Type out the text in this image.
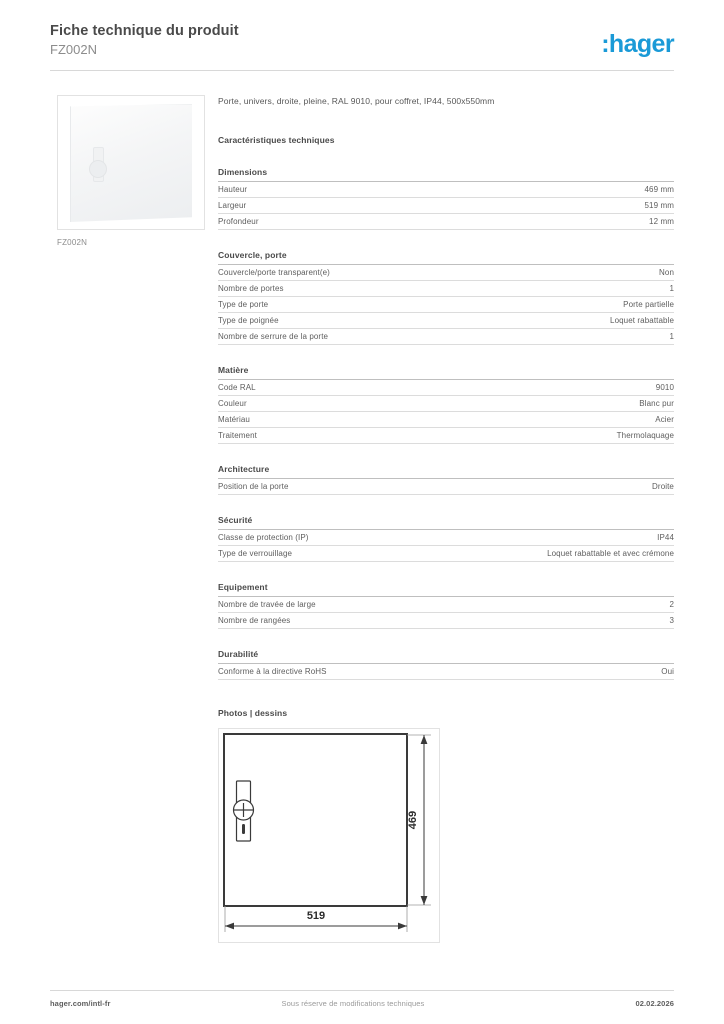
Fiche technique du produit
FZ002N	:hager
FZ002N
Porte, univers, droite, pleine, RAL 9010, pour coffret, IP44, 500x550mm
Caractéristiques techniques
Dimensions
Hauteur	469 mm
Largeur	519 mm
Profondeur	12 mm
Couvercle, porte
Couvercle/porte transparent(e)	Non
Nombre de portes	1
Type de porte	Porte partielle
Type de poignée	Loquet rabattable
Nombre de serrure de la porte	1
Matière
Code RAL	9010
Couleur	Blanc pur
Matériau	Acier
Traitement	Thermolaquage
Architecture
Position de la porte	Droite
Sécurité
Classe de protection (IP)	IP44
Type de verrouillage	Loquet rabattable et avec crémone
Equipement
Nombre de travée de large	2
Nombre de rangées	3
Durabilité
Conforme à la directive RoHS	Oui
Photos | dessins
469
519
hager.com/intl-fr	Sous réserve de modifications techniques	02.02.2026
